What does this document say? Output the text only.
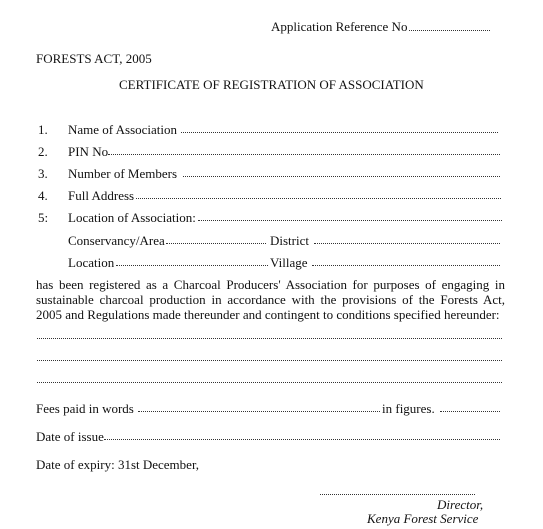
Application Reference No
FORESTS ACT, 2005
CERTIFICATE OF REGISTRATION OF ASSOCIATION
1. Name of Association
2. PIN No
3. Number of Members
4. Full Address
5: Location of Association:
Conservancy/Area	District
Location	Village
has been registered as a Charcoal Producers' Association for purposes of engaging in sustainable charcoal production in accordance with the provisions of the Forests Act, 2005 and Regulations made thereunder and contingent to conditions specified hereunder:
Fees paid in words	in figures.
Date of issue
Date of expiry: 31st December,
Director,
Kenya Forest Service
